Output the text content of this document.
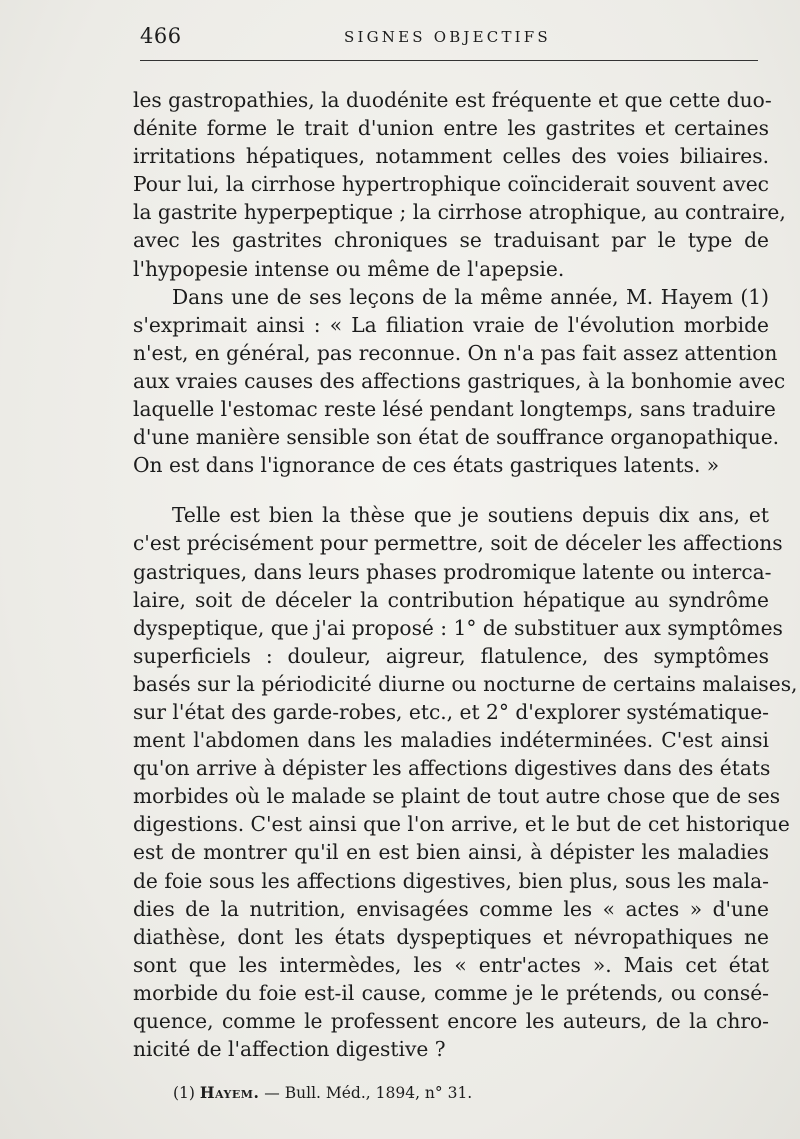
466	SIGNES OBJECTIFS
les gastropathies, la duodénite est fréquente et que cette duo-
dénite forme le trait d'union entre les gastrites et certaines
irritations hépatiques, notamment celles des voies biliaires.
Pour lui, la cirrhose hypertrophique coïnciderait souvent avec
la gastrite hyperpeptique ; la cirrhose atrophique, au contraire,
avec les gastrites chroniques se traduisant par le type de
l'hypopesie intense ou même de l'apepsie.
Dans une de ses leçons de la même année, M. Hayem (1)
s'exprimait ainsi : « La filiation vraie de l'évolution morbide
n'est, en général, pas reconnue. On n'a pas fait assez attention
aux vraies causes des affections gastriques, à la bonhomie avec
laquelle l'estomac reste lésé pendant longtemps, sans traduire
d'une manière sensible son état de souffrance organopathique.
On est dans l'ignorance de ces états gastriques latents. »
Telle est bien la thèse que je soutiens depuis dix ans, et
c'est précisément pour permettre, soit de déceler les affections
gastriques, dans leurs phases prodromique latente ou interca-
laire, soit de déceler la contribution hépatique au syndrôme
dyspeptique, que j'ai proposé : 1° de substituer aux symptômes
superficiels : douleur, aigreur, flatulence, des symptômes
basés sur la périodicité diurne ou nocturne de certains malaises,
sur l'état des garde-robes, etc., et 2° d'explorer systématique-
ment l'abdomen dans les maladies indéterminées. C'est ainsi
qu'on arrive à dépister les affections digestives dans des états
morbides où le malade se plaint de tout autre chose que de ses
digestions. C'est ainsi que l'on arrive, et le but de cet historique
est de montrer qu'il en est bien ainsi, à dépister les maladies
de foie sous les affections digestives, bien plus, sous les mala-
dies de la nutrition, envisagées comme les « actes » d'une
diathèse, dont les états dyspeptiques et névropathiques ne
sont que les intermèdes, les « entr'actes ». Mais cet état
morbide du foie est-il cause, comme je le prétends, ou consé-
quence, comme le professent encore les auteurs, de la chro-
nicité de l'affection digestive ?
(1) Hayem. — Bull. Méd., 1894, n° 31.
